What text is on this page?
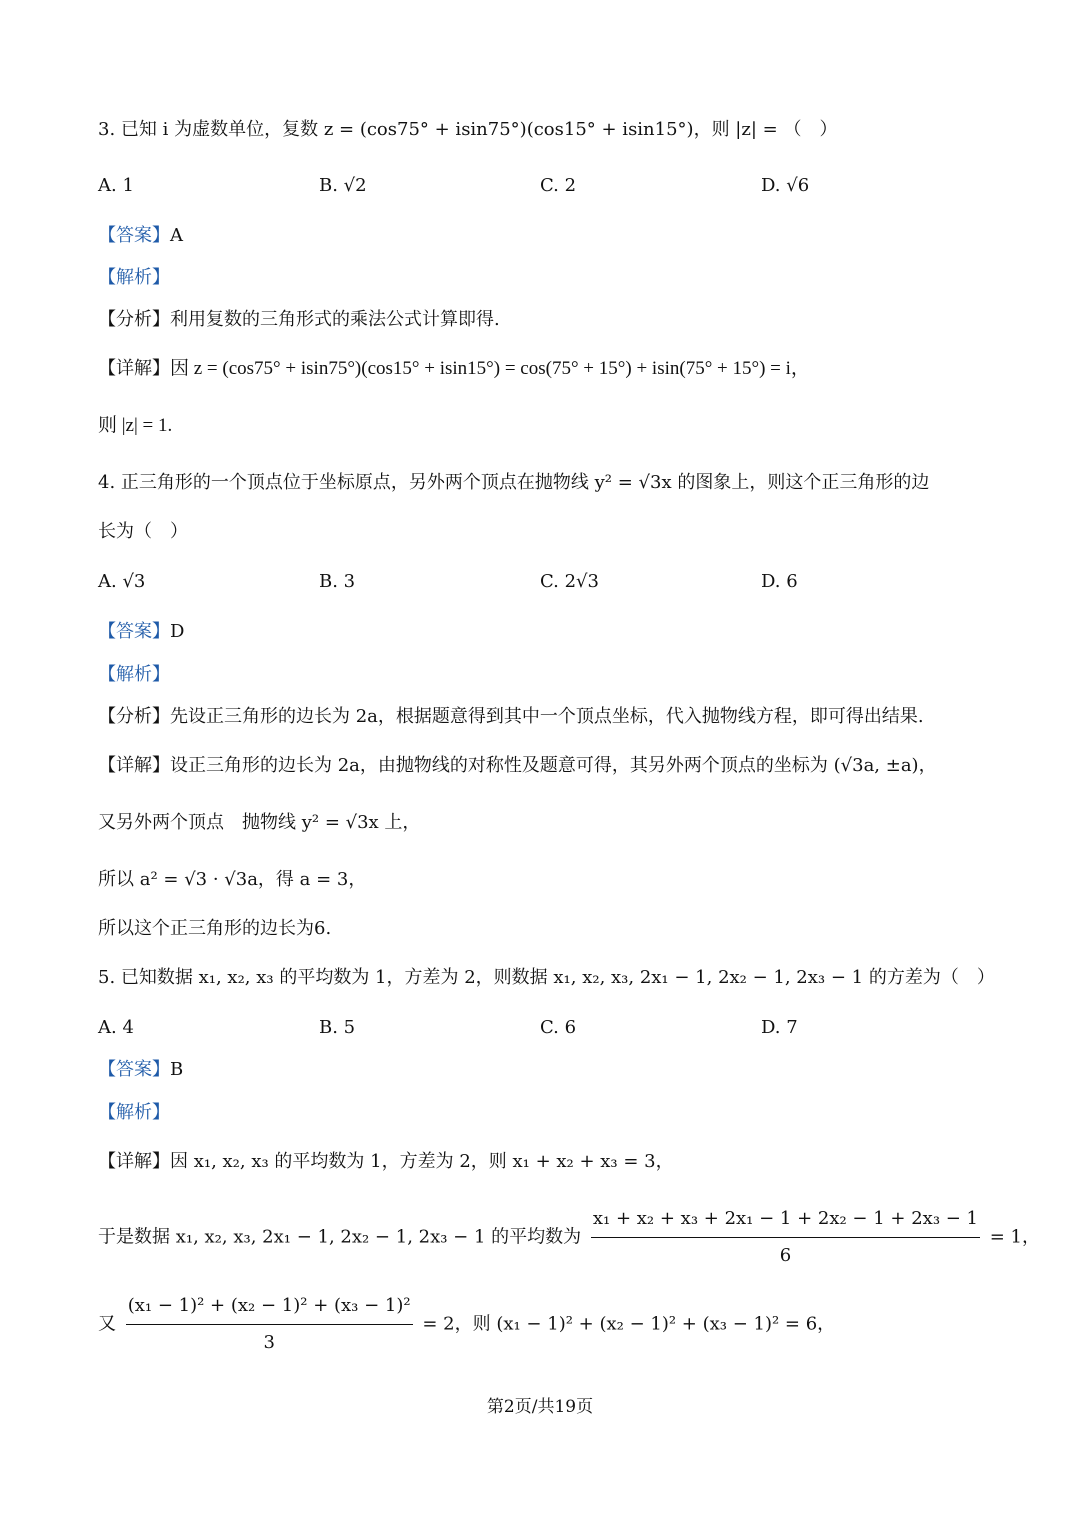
3. 已知 i 为虚数单位，复数 z = (cos75° + isin75°)(cos15° + isin15°)，则 |z| = （　）
A. 1	B. √2	C. 2	D. √6
【答案】A
【解析】
【分析】利用复数的三角形式的乘法公式计算即得.
【详解】因 z = (cos75° + isin75°)(cos15° + isin15°) = cos(75° + 15°) + isin(75° + 15°) = i，
则 |z| = 1.
4. 正三角形的一个顶点位于坐标原点，另外两个顶点在抛物线 y² = √3x 的图象上，则这个正三角形的边
长为（　）
A. √3	B. 3	C. 2√3	D. 6
【答案】D
【解析】
【分析】先设正三角形的边长为 2a，根据题意得到其中一个顶点坐标，代入抛物线方程，即可得出结果.
【详解】设正三角形的边长为 2a，由抛物线的对称性及题意可得，其另外两个顶点的坐标为 (√3a, ±a)，
又另外两个顶点　抛物线 y² = √3x 上，
所以 a² = √3 · √3a，得 a = 3，
所以这个正三角形的边长为6.
5. 已知数据 x₁, x₂, x₃ 的平均数为 1，方差为 2，则数据 x₁, x₂, x₃, 2x₁ − 1, 2x₂ − 1, 2x₃ − 1 的方差为（　）
A. 4	B. 5	C. 6	D. 7
【答案】B
【解析】
【详解】因 x₁, x₂, x₃ 的平均数为 1，方差为 2，则 x₁ + x₂ + x₃ = 3，
于是数据 x₁, x₂, x₃, 2x₁ − 1, 2x₂ − 1, 2x₃ − 1 的平均数为 $\frac{\text{x₁ + x₂ + x₃ + 2x₁ − 1 + 2x₂ − 1 + 2x₃ − 1}}{6} = 1$，
又 $\frac{\text{(x₁ − 1)² + (x₂ − 1)² + (x₃ − 1)²}}{3} = 2$，则 (x₁ − 1)² + (x₂ − 1)² + (x₃ − 1)² = 6，
第2页/共19页
